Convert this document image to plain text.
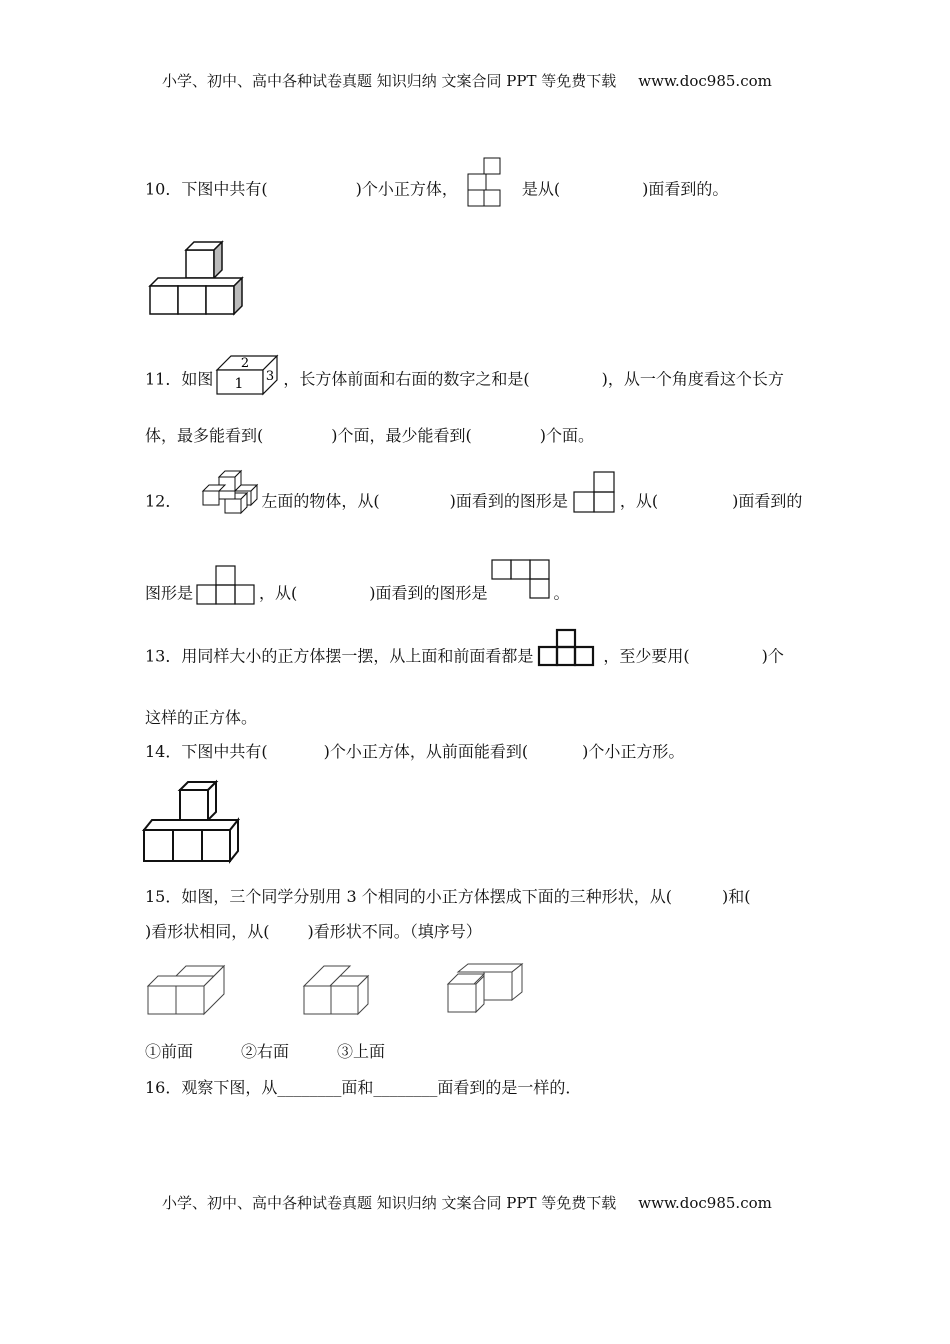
小学、初中、高中各种试卷真题 知识归纳 文案合同 PPT 等免费下载 www.doc985.com
10．下图中共有(	)个小正方体，	是从(	)面看到的。
11．如图
2
1 3 ，长方体前面和右面的数字之和是(	)，从一个角度看这个长方
体，最多能看到(	)个面，最少能看到(	)个面。
12．	左面的物体，从(	)面看到的图形是	，从(	)面看到的
图形是	，从(	)面看到的图形是	。
13．用同样大小的正方体摆一摆，从上面和前面看都是	，至少要用(	)个
这样的正方体。
14．下图中共有(	)个小正方体，从前面能看到(	)个小正方形。
15．如图，三个同学分别用 3 个相同的小正方体摆成下面的三种形状，从(	)和(
)看形状相同，从( )看形状不同。（填序号）
①前面	②右面	③上面
16．观察下图，从________面和________面看到的是一样的．
小学、初中、高中各种试卷真题 知识归纳 文案合同 PPT 等免费下载 www.doc985.com
